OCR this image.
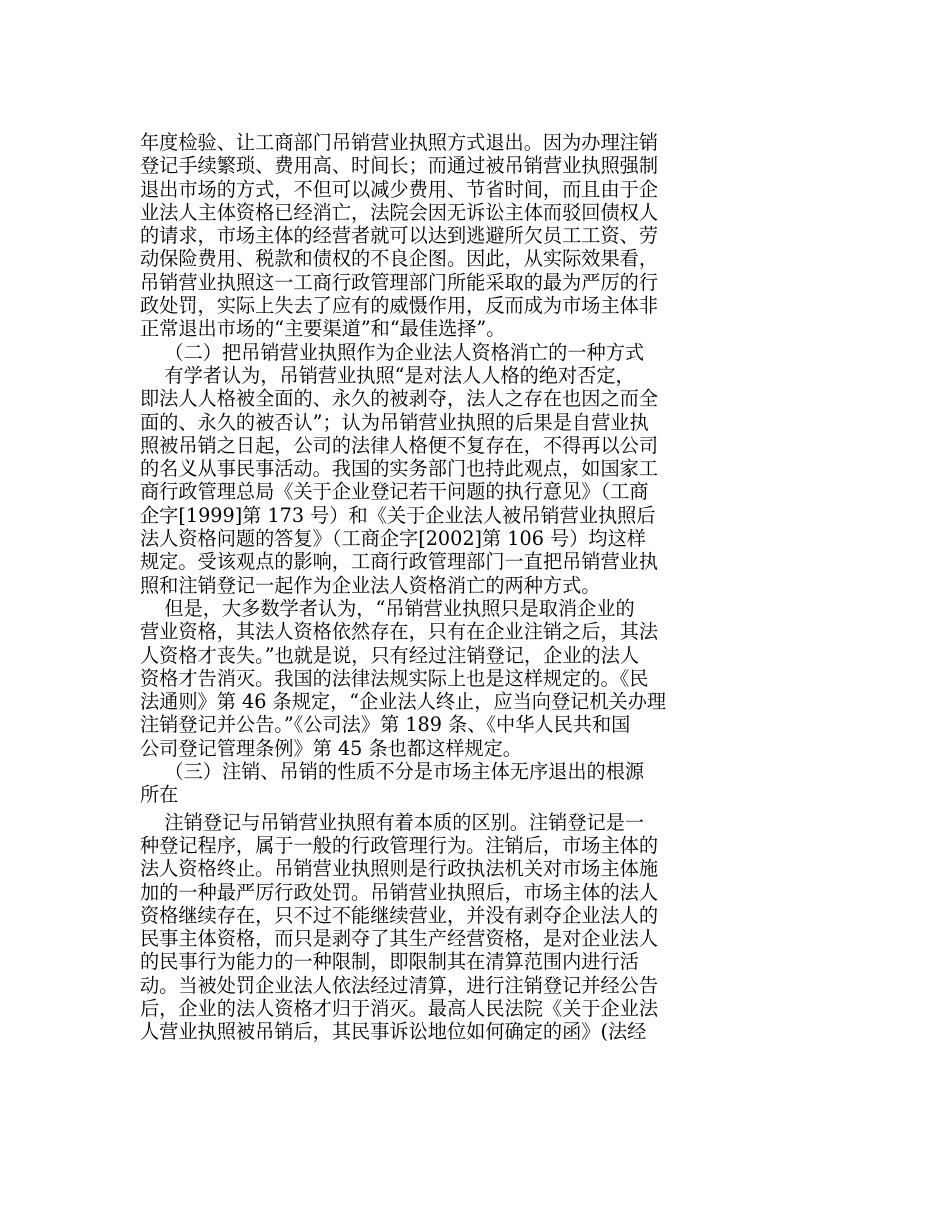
年度检验、让工商部门吊销营业执照方式退出。因为办理注销
登记手续繁琐、费用高、时间长；而通过被吊销营业执照强制
退出市场的方式，不但可以减少费用、节省时间，而且由于企
业法人主体资格已经消亡，法院会因无诉讼主体而驳回债权人
的请求，市场主体的经营者就可以达到逃避所欠员工工资、劳
动保险费用、税款和债权的不良企图。因此，从实际效果看，
吊销营业执照这一工商行政管理部门所能采取的最为严厉的行
政处罚，实际上失去了应有的威慑作用，反而成为市场主体非
正常退出市场的“主要渠道”和“最佳选择”。
（二）把吊销营业执照作为企业法人资格消亡的一种方式
有学者认为，吊销营业执照“是对法人人格的绝对否定，
即法人人格被全面的、永久的被剥夺，法人之存在也因之而全
面的、永久的被否认”；认为吊销营业执照的后果是自营业执
照被吊销之日起，公司的法律人格便不复存在，不得再以公司
的名义从事民事活动。我国的实务部门也持此观点，如国家工
商行政管理总局《关于企业登记若干问题的执行意见》（工商
企字[1999]第 173 号）和《关于企业法人被吊销营业执照后
法人资格问题的答复》（工商企字[2002]第 106 号）均这样
规定。受该观点的影响，工商行政管理部门一直把吊销营业执
照和注销登记一起作为企业法人资格消亡的两种方式。
但是，大多数学者认为，“吊销营业执照只是取消企业的
营业资格，其法人资格依然存在，只有在企业注销之后，其法
人资格才丧失。”也就是说，只有经过注销登记，企业的法人
资格才告消灭。我国的法律法规实际上也是这样规定的。《民
法通则》第 46 条规定，“企业法人终止，应当向登记机关办理
注销登记并公告。”《公司法》第 189 条、《中华人民共和国
公司登记管理条例》第 45 条也都这样规定。
（三）注销、吊销的性质不分是市场主体无序退出的根源
所在
注销登记与吊销营业执照有着本质的区别。注销登记是一
种登记程序，属于一般的行政管理行为。注销后，市场主体的
法人资格终止。吊销营业执照则是行政执法机关对市场主体施
加的一种最严厉行政处罚。吊销营业执照后，市场主体的法人
资格继续存在，只不过不能继续营业，并没有剥夺企业法人的
民事主体资格，而只是剥夺了其生产经营资格，是对企业法人
的民事行为能力的一种限制，即限制其在清算范围内进行活
动。当被处罚企业法人依法经过清算，进行注销登记并经公告
后，企业的法人资格才归于消灭。最高人民法院《关于企业法
人营业执照被吊销后，其民事诉讼地位如何确定的函》(法经
